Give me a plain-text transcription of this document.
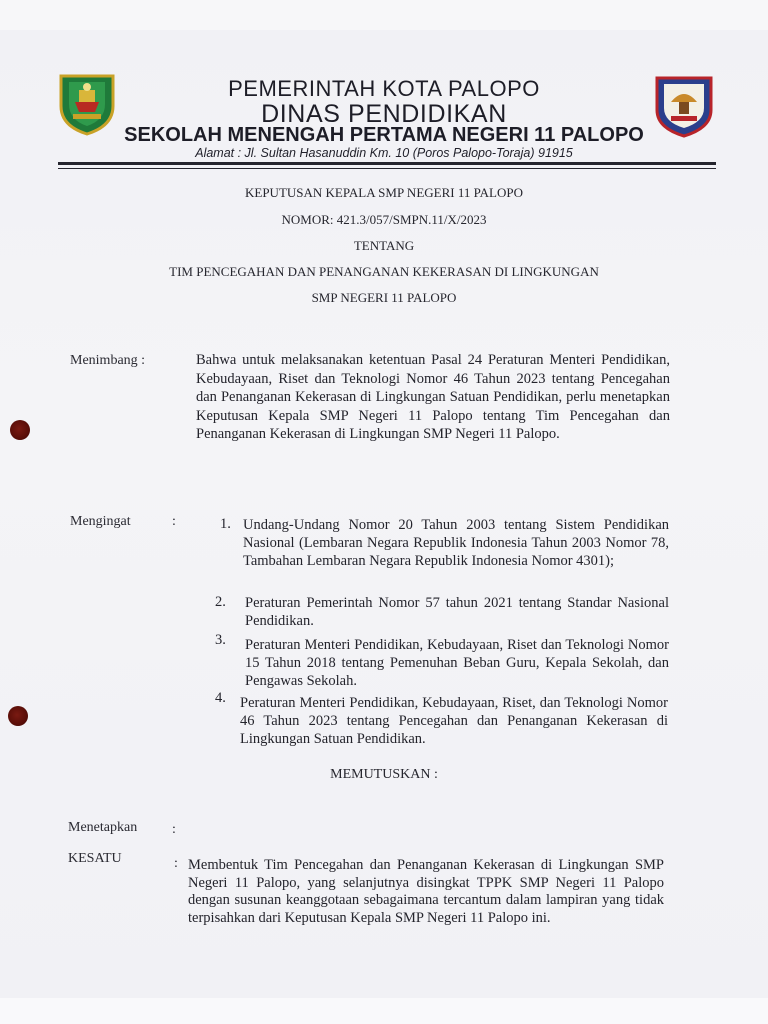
PEMERINTAH KOTA PALOPO
DINAS PENDIDIKAN
SEKOLAH MENENGAH PERTAMA NEGERI 11 PALOPO
Alamat : Jl. Sultan Hasanuddin Km. 10 (Poros Palopo-Toraja) 91915
KEPUTUSAN KEPALA SMP NEGERI 11 PALOPO
NOMOR: 421.3/057/SMPN.11/X/2023
TENTANG
TIM PENCEGAHAN DAN PENANGANAN KEKERASAN DI LINGKUNGAN
SMP NEGERI 11 PALOPO
Menimbang :	Bahwa untuk melaksanakan ketentuan Pasal 24 Peraturan Menteri Pendidikan, Kebudayaan, Riset dan Teknologi Nomor 46 Tahun 2023 tentang Pencegahan dan Penanganan Kekerasan di Lingkungan Satuan Pendidikan, perlu menetapkan Keputusan Kepala SMP Negeri 11 Palopo tentang Tim Pencegahan dan Penanganan Kekerasan di Lingkungan SMP Negeri 11 Palopo.
Mengingat	:	1. Undang-Undang Nomor 20 Tahun 2003 tentang Sistem Pendidikan Nasional (Lembaran Negara Republik Indonesia Tahun 2003 Nomor 78, Tambahan Lembaran Negara Republik Indonesia Nomor 4301);
2. Peraturan Pemerintah Nomor 57 tahun 2021 tentang Standar Nasional Pendidikan.
3. Peraturan Menteri Pendidikan, Kebudayaan, Riset dan Teknologi Nomor 15 Tahun 2018 tentang Pemenuhan Beban Guru, Kepala Sekolah, dan Pengawas Sekolah.
4. Peraturan Menteri Pendidikan, Kebudayaan, Riset, dan Teknologi Nomor 46 Tahun 2023 tentang Pencegahan dan Penanganan Kekerasan di Lingkungan Satuan Pendidikan.
MEMUTUSKAN :
Menetapkan :
KESATU	: Membentuk Tim Pencegahan dan Penanganan Kekerasan di Lingkungan SMP Negeri 11 Palopo, yang selanjutnya disingkat TPPK SMP Negeri 11 Palopo dengan susunan keanggotaan sebagaimana tercantum dalam lampiran yang tidak terpisahkan dari Keputusan Kepala SMP Negeri 11 Palopo ini.
